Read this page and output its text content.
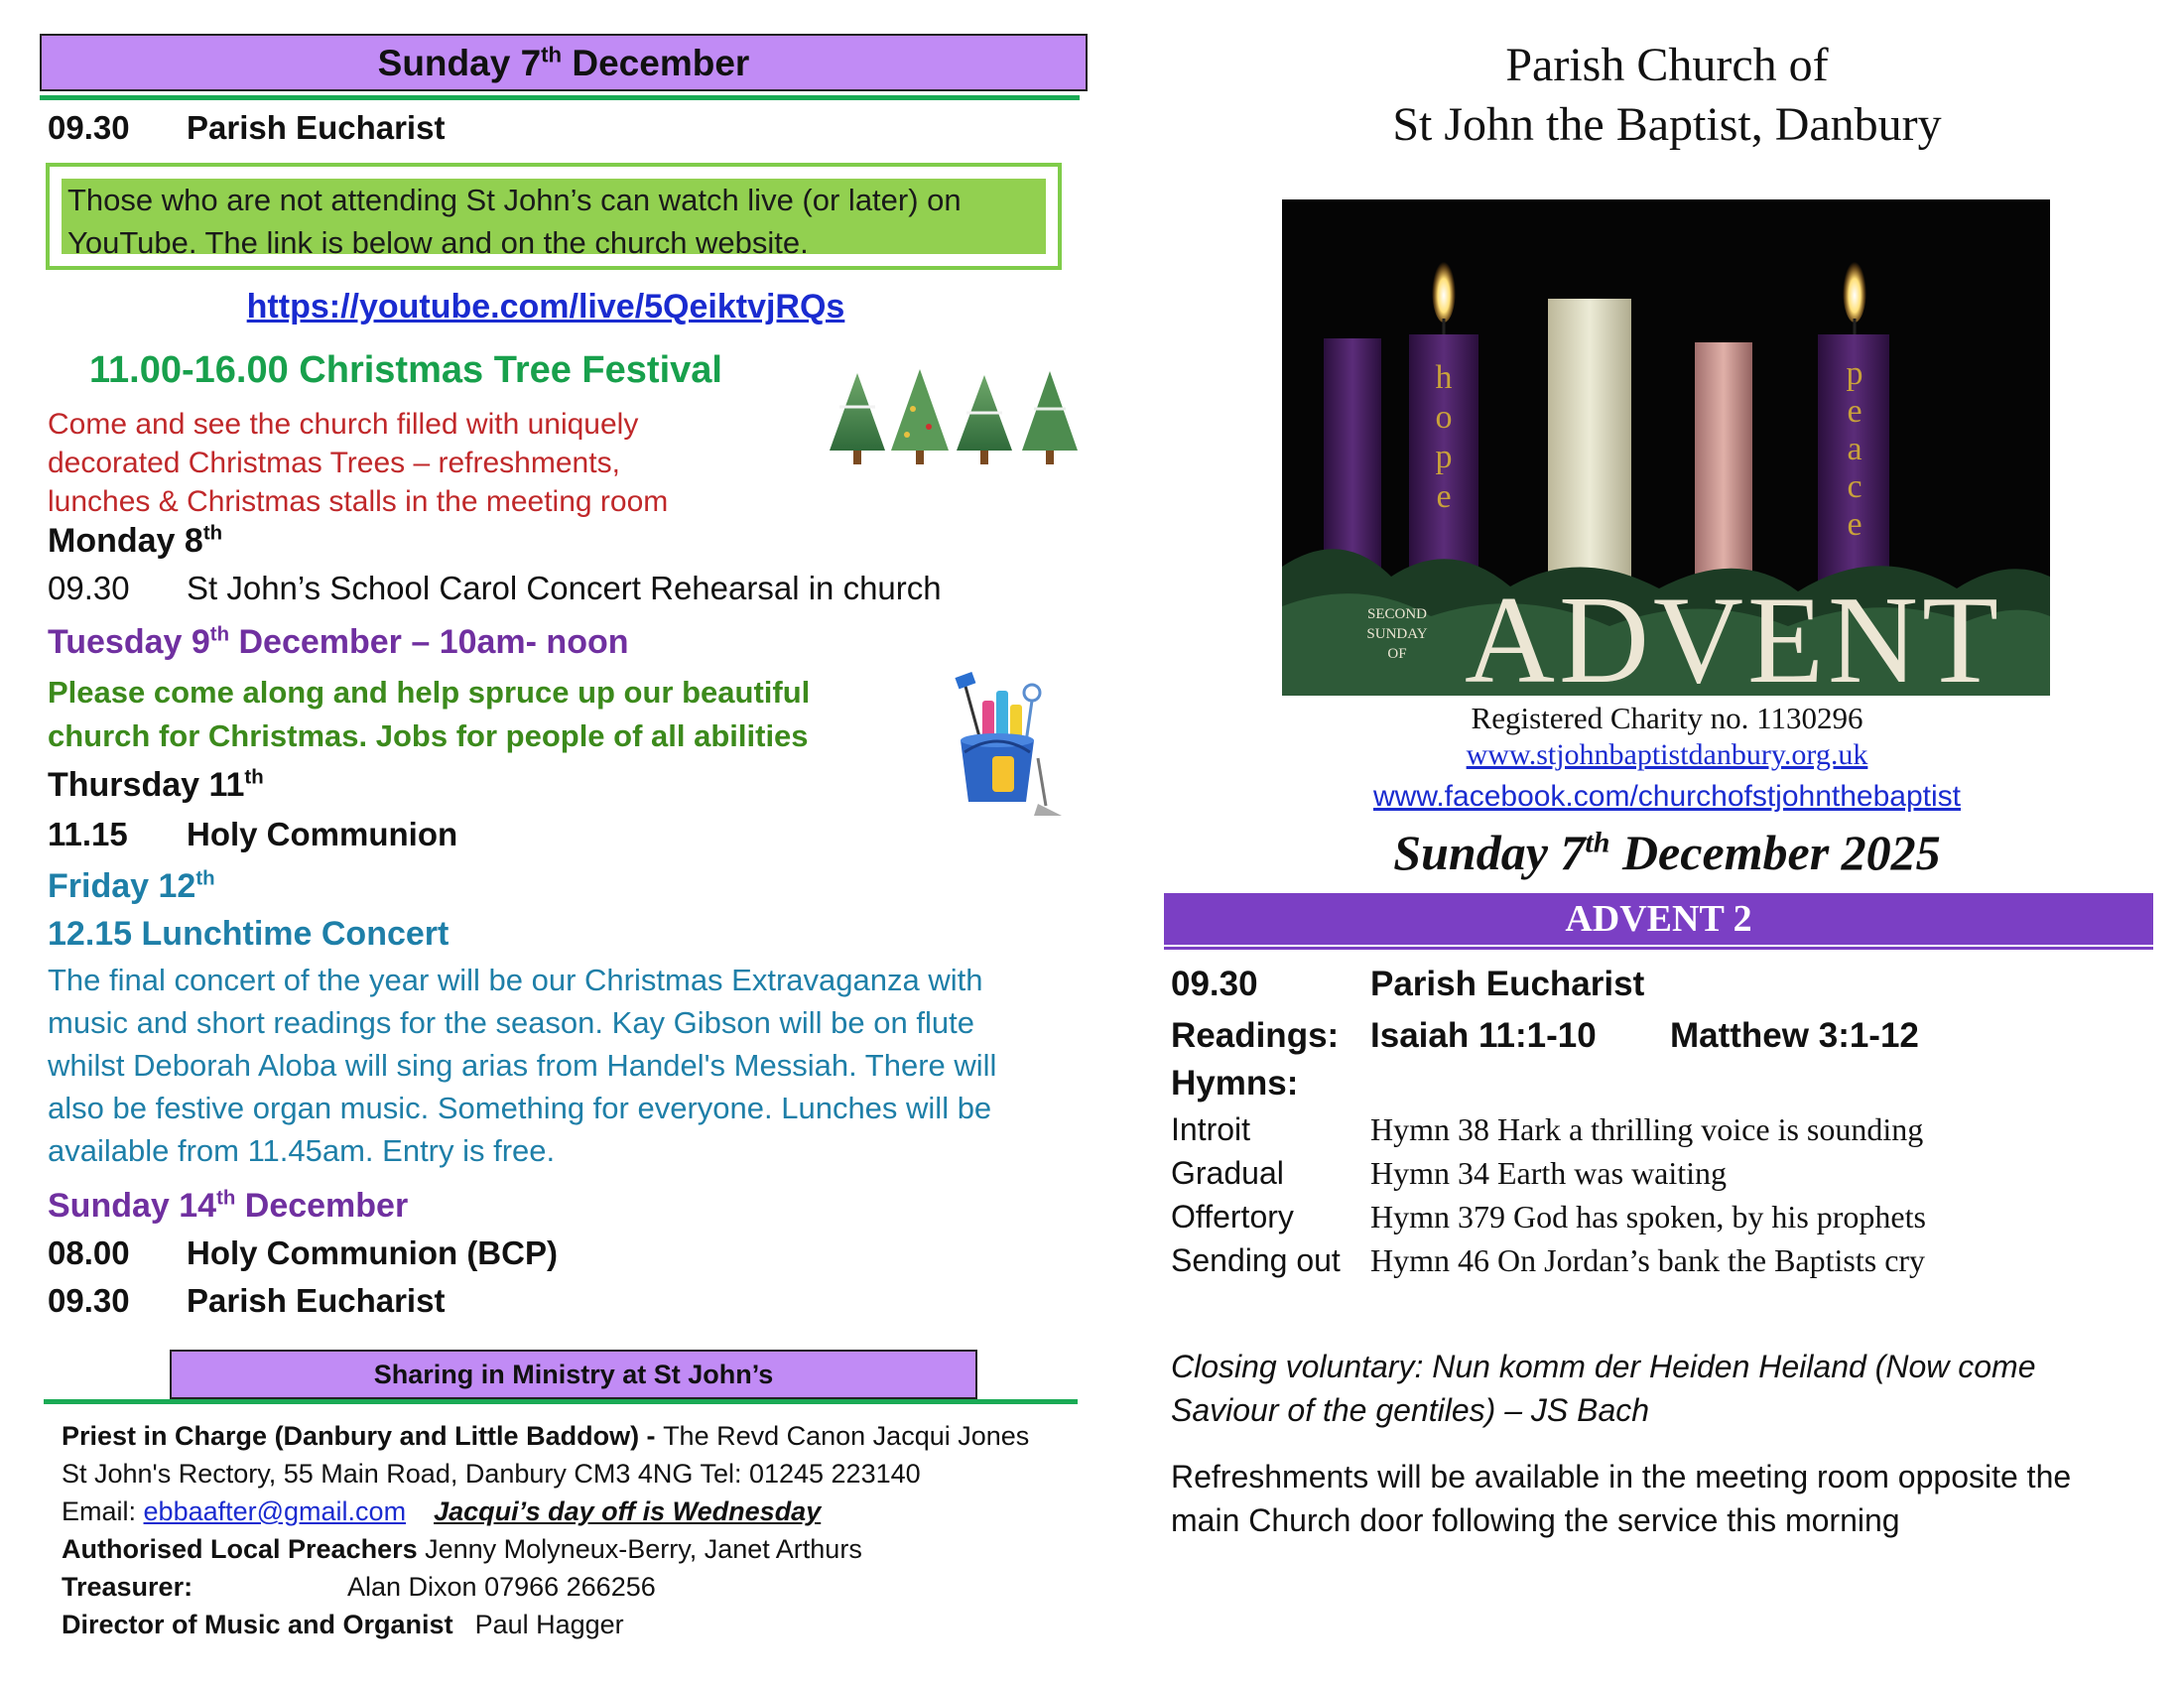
Sunday 7th December
09.30 Parish Eucharist
Those who are not attending St John’s can watch live (or later) on YouTube. The link is below and on the church website.
https://youtube.com/live/5QeiktvjRQs
11.00-16.00 Christmas Tree Festival
Come and see the church filled with uniquely
decorated Christmas Trees – refreshments,
lunches & Christmas stalls in the meeting room
Monday 8th
09.30 St John’s School Carol Concert Rehearsal in church
Tuesday 9th December – 10am- noon
Please come along and help spruce up our beautiful
church for Christmas. Jobs for people of all abilities
Thursday 11th
11.15 Holy Communion
Friday 12th
12.15 Lunchtime Concert
The final concert of the year will be our Christmas Extravaganza with
music and short readings for the season. Kay Gibson will be on flute
whilst Deborah Aloba will sing arias from Handel's Messiah. There will
also be festive organ music. Something for everyone. Lunches will be
available from 11.45am. Entry is free.
Sunday 14th December
08.00 Holy Communion (BCP)
09.30 Parish Eucharist
Sharing in Ministry at St John’s
Priest in Charge (Danbury and Little Baddow) - The Revd Canon Jacqui Jones
St John's Rectory, 55 Main Road, Danbury CM3 4NG Tel: 01245 223140
Email: ebbaafter@gmail.com Jacqui’s day off is Wednesday
Authorised Local Preachers Jenny Molyneux-Berry, Janet Arthurs
Treasurer:	Alan Dixon 07966 266256
Director of Music and Organist Paul Hagger
Parish Church of
St John the Baptist, Danbury
h
o
p
e
p
e
a
c
e
SECOND
SUNDAY
OF ADVENT
Registered Charity no. 1130296
www.stjohnbaptistdanbury.org.uk
www.facebook.com/churchofstjohnthebaptist
Sunday 7th December 2025
ADVENT 2
09.30	Parish Eucharist
Readings: Isaiah 11:1-10 Matthew 3:1-12
Hymns:
Introit	Hymn 38 Hark a thrilling voice is sounding
Gradual	Hymn 34 Earth was waiting
Offertory Hymn 379 God has spoken, by his prophets
Sending out Hymn 46 On Jordan’s bank the Baptists cry
Closing voluntary: Nun komm der Heiden Heiland (Now come
Saviour of the gentiles) – JS Bach
Refreshments will be available in the meeting room opposite the
main Church door following the service this morning
